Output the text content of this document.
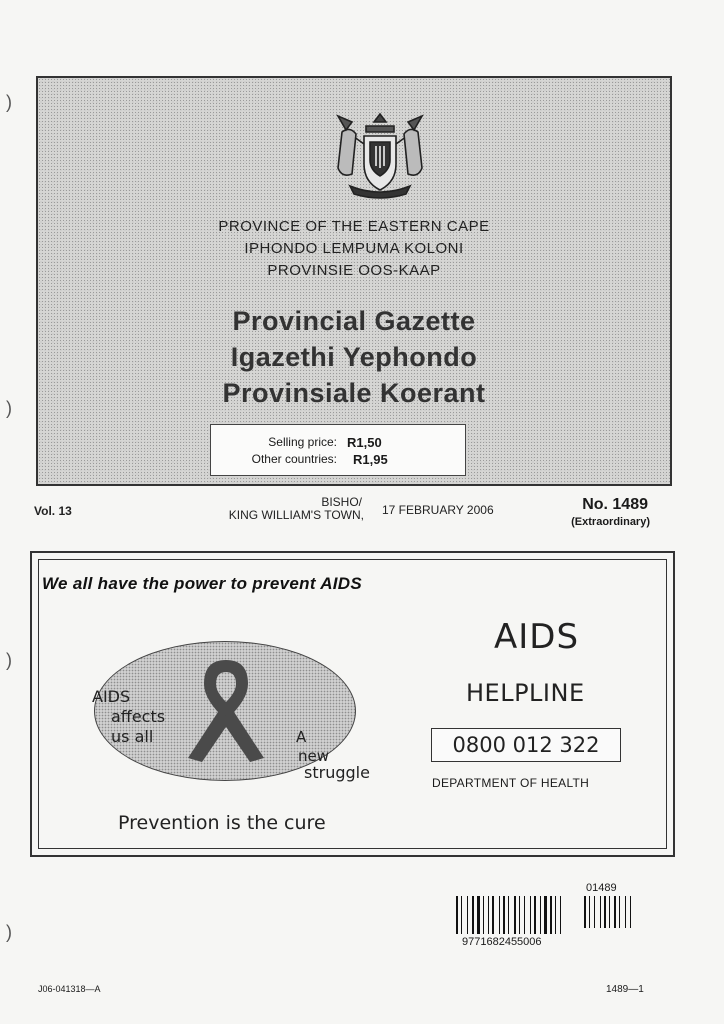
PROVINCE OF THE EASTERN CAPE
IPHONDO LEMPUMA KOLONI
PROVINSIE OOS-KAAP
Provincial Gazette
Igazethi Yephondo
Provinsiale Koerant
Selling price: R1,50
Other countries: R1,95
Vol. 13
BISHO/
KING WILLIAM'S TOWN, 17 FEBRUARY 2006	No. 1489
(Extraordinary)
We all have the power to prevent AIDS
AIDS
affects
us all	A
new
struggle
Prevention is the cure
AIDS
HELPLINE
0800 012 322
DEPARTMENT OF HEALTH
01489
9771682455006
J06-041318—A	1489—1
)
)
)
)
